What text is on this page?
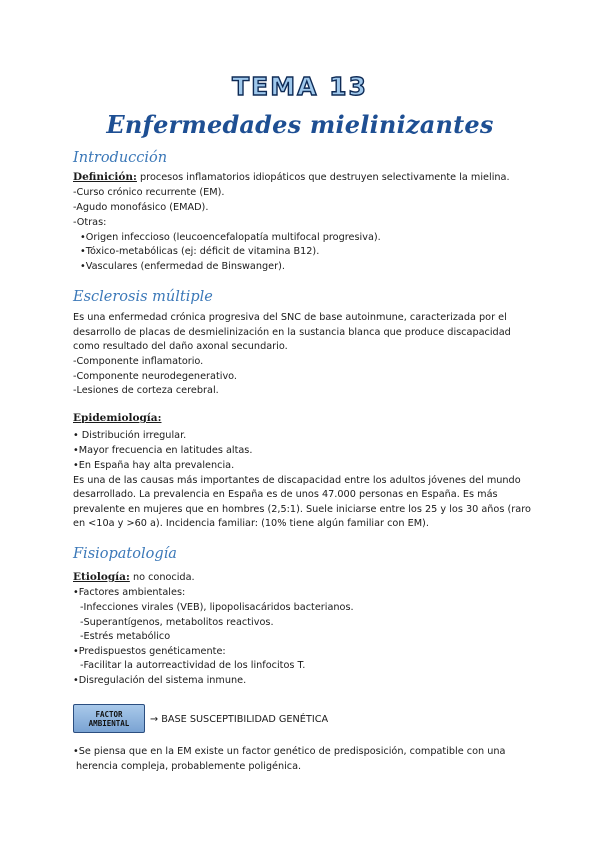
TEMA 13
Enfermedades mielinizantes
Introducción
Definición: procesos inflamatorios idiopáticos que destruyen selectivamente la mielina.
-Curso crónico recurrente (EM).
-Agudo monofásico (EMAD).
-Otras:
•Origen infeccioso (leucoencefalopatía multifocal progresiva).
•Tóxico-metabólicas (ej: déficit de vitamina B12).
•Vasculares (enfermedad de Binswanger).
Esclerosis múltiple
Es una enfermedad crónica progresiva del SNC de base autoinmune, caracterizada por el
desarrollo de placas de desmielinización en la sustancia blanca que produce discapacidad
como resultado del daño axonal secundario.
-Componente inflamatorio.
-Componente neurodegenerativo.
-Lesiones de corteza cerebral.
Epidemiología:
• Distribución irregular.
•Mayor frecuencia en latitudes altas.
•En España hay alta prevalencia.
Es una de las causas más importantes de discapacidad entre los adultos jóvenes del mundo
desarrollado. La prevalencia en España es de unos 47.000 personas en España. Es más
prevalente en mujeres que en hombres (2,5:1). Suele iniciarse entre los 25 y los 30 años (raro
en <10a y >60 a). Incidencia familiar: (10% tiene algún familiar con EM).
Fisiopatología
Etiología: no conocida.
•Factores ambientales:
-Infecciones virales (VEB), lipopolisacáridos bacterianos.
-Superantígenos, metabolitos reactivos.
-Estrés metabólico
•Predispuestos genéticamente:
-Facilitar la autorreactividad de los linfocitos T.
•Disregulación del sistema inmune.
FACTOR
AMBIENTAL → BASE SUSCEPTIBILIDAD GENÉTICA
•Se piensa que en la EM existe un factor genético de predisposición, compatible con una
herencia compleja, probablemente poligénica.
